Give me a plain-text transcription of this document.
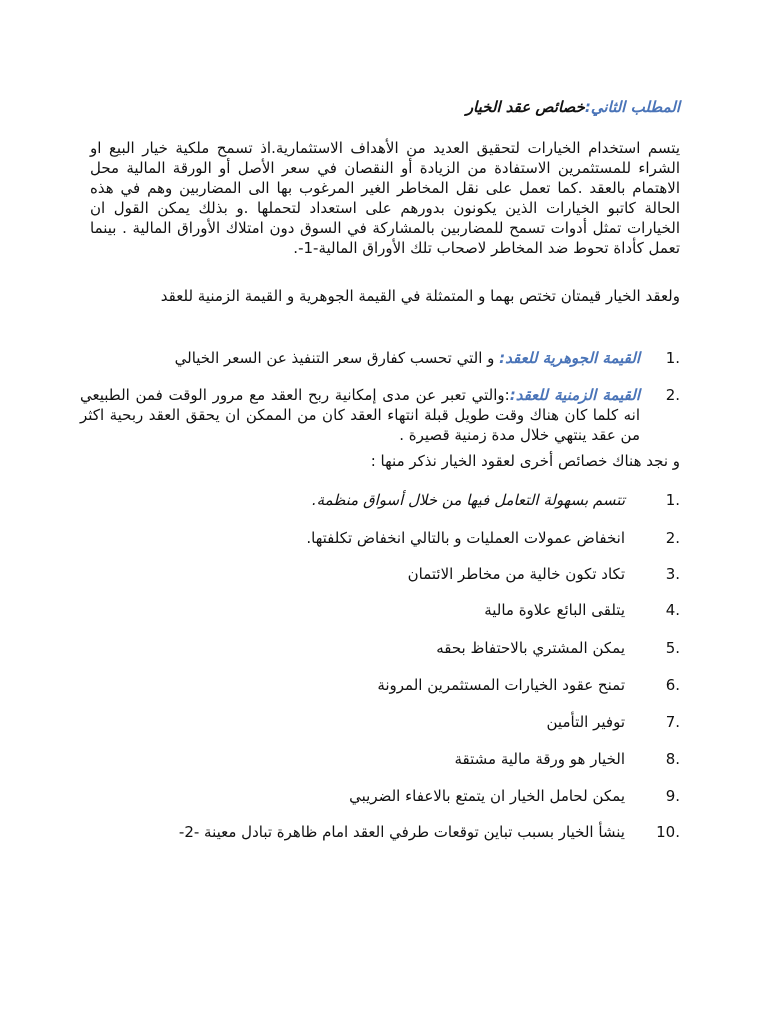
المطلب الثاني:خصائص عقد الخيار
يتسم استخدام الخيارات لتحقيق العديد من الأهداف الاستثمارية.اذ تسمح ملكية خيار البيع او الشراء للمستثمرين الاستفادة من الزيادة أو النقصان في سعر الأصل أو الورقة المالية محل الاهتمام بالعقد .كما تعمل على نقل المخاطر الغير المرغوب بها الى المضاربين وهم في هذه الحالة كاتبو الخيارات الذين يكونون بدورهم على استعداد لتحملها .و بذلك يمكن القول ان الخيارات تمثل أدوات تسمح للمضاربين بالمشاركة في السوق دون امتلاك الأوراق المالية . بينما تعمل كأداة تحوط ضد المخاطر لاصحاب تلك الأوراق المالية-1-.
ولعقد الخيار قيمتان تختص بهما و المتمثلة في القيمة الجوهرية و القيمة الزمنية للعقد
1.
القيمة الجوهرية للعقد: و التي تحسب كفارق سعر التنفيذ عن السعر الخيالي
2.
القيمة الزمنية للعقد::والتي تعبر عن مدى إمكانية ربح العقد مع مرور الوقت فمن الطبيعي انه كلما كان هناك وقت طويل قبلة انتهاء العقد كان من الممكن ان يحقق العقد ربحية اكثر من عقد ينتهي خلال مدة زمنية قصيرة .
و نجد هناك خصائص أخرى لعقود الخيار نذكر منها :
1.
تتسم بسهولة التعامل فيها من خلال أسواق منظمة.
2.
انخفاض عمولات العمليات و بالتالي انخفاض تكلفتها.
3.
تكاد تكون خالية من مخاطر الائتمان
4.
يتلقى البائع علاوة مالية
5.
يمكن المشتري بالاحتفاظ بحقه
6.
تمنح عقود الخيارات المستثمرين المرونة
7.
توفير التأمين
8.
الخيار هو ورقة مالية مشتقة
9.
يمكن لحامل الخيار ان يتمتع بالاعفاء الضريبي
10.
ينشأ الخيار بسبب تباين توقعات طرفي العقد امام ظاهرة تبادل معينة -2-
